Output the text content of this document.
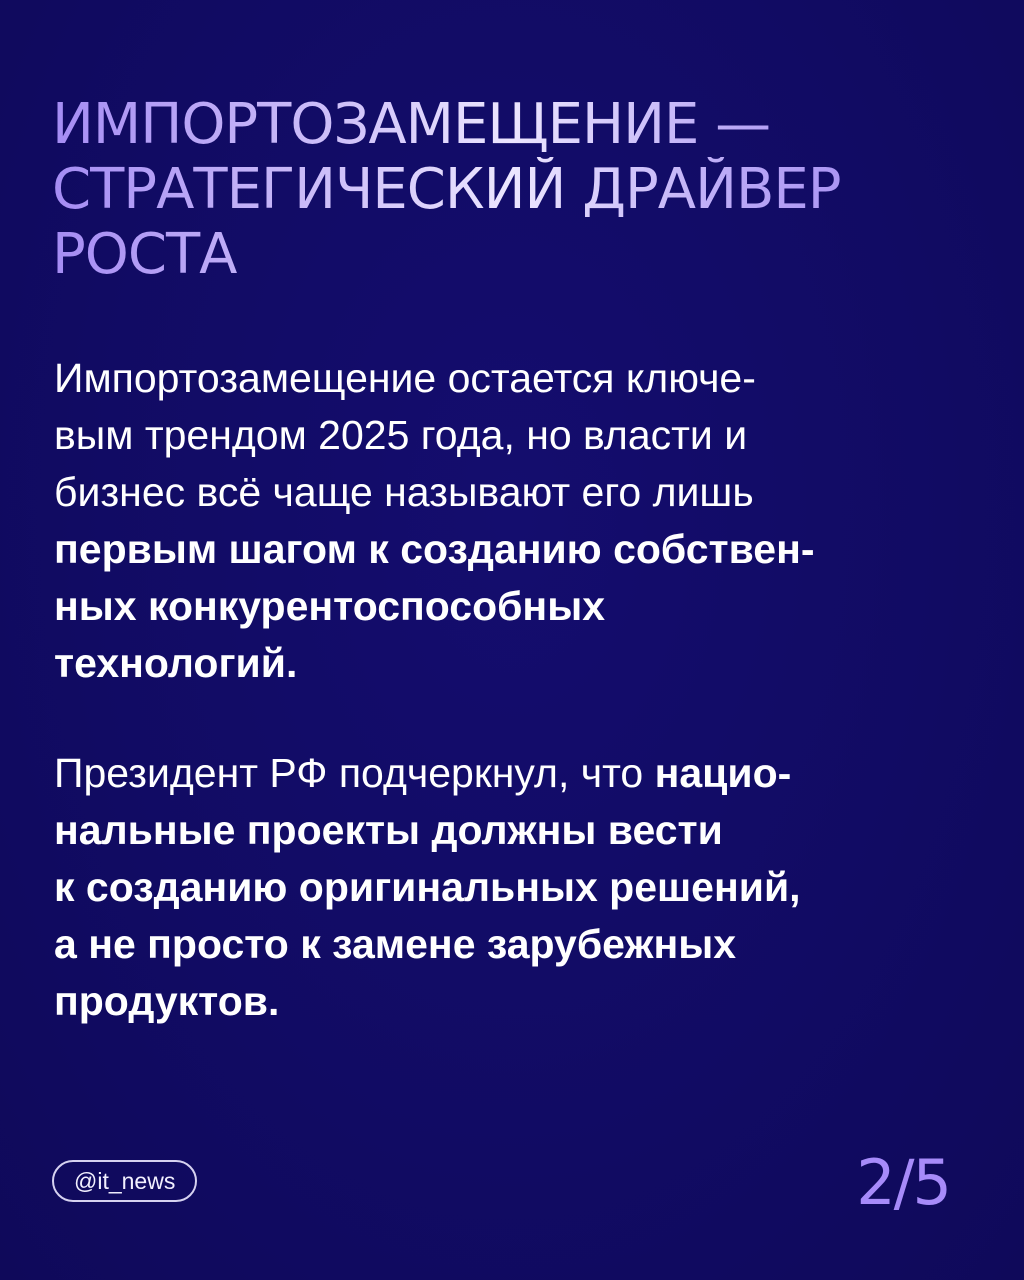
ИМПОРТОЗАМЕЩЕНИЕ —
СТРАТЕГИЧЕСКИЙ ДРАЙВЕР
РОСТА

Импортозамещение остается ключе-
вым трендом 2025 года, но власти и
бизнес всё чаще называют его лишь
первым шагом к созданию собствен-
ных конкурентоспособных
технологий.

Президент РФ подчеркнул, что нацио-
нальные проекты должны вести
к созданию оригинальных решений,
а не просто к замене зарубежных
продуктов.

@it_news	2/5
